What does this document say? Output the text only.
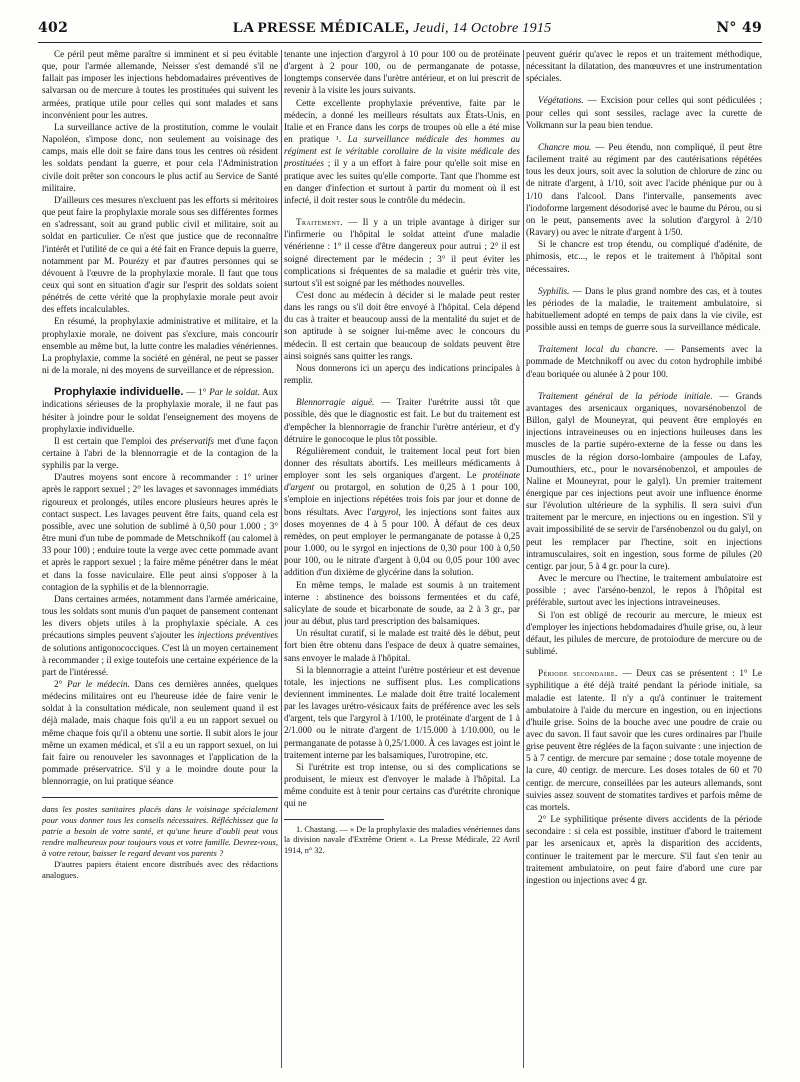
402	LA PRESSE MÉDICALE, Jeudi, 14 Octobre 1915	N° 49

Ce péril peut même paraître si imminent et si peu évitable que, pour l'armée allemande, Neisser s'est demandé s'il ne fallait pas imposer les injections hebdomadaires préventives de salvarsan ou de mercure à toutes les prostituées qui suivent les armées, pratique utile pour celles qui sont malades et sans inconvénient pour les autres.

La surveillance active de la prostitution, comme le voulait Napoléon, s'impose donc, non seulement au voisinage des camps, mais elle doit se faire dans tous les centres où résident les soldats pendant la guerre, et pour cela l'Administration civile doit prêter son concours le plus actif au Service de Santé militaire.

D'ailleurs ces mesures n'excluent pas les efforts si méritoires que peut faire la prophylaxie morale sous ses différentes formes en s'adressant, soit au grand public civil et militaire, soit au soldat en particulier. Ce n'est que justice que de reconnaître l'intérêt et l'utilité de ce qui a été fait en France depuis la guerre, notamment par M. Pourézy et par d'autres personnes qui se dévouent à l'œuvre de la prophylaxie morale. Il faut que tous ceux qui sont en situation d'agir sur l'esprit des soldats soient pénétrés de cette vérité que la prophylaxie morale peut avoir des effets incalculables.

En résumé, la prophylaxie administrative et militaire, et la prophylaxie morale, ne doivent pas s'exclure, mais concourir ensemble au même but, la lutte contre les maladies vénériennes. La prophylaxie, comme la société en général, ne peut se passer ni de la morale, ni des moyens de surveillance et de répression.

Prophylaxie individuelle. — 1° Par le soldat. Aux indications sérieuses de la prophylaxie morale, il ne faut pas hésiter à joindre pour le soldat l'enseignement des moyens de prophylaxie individuelle.

Il est certain que l'emploi des préservatifs met d'une façon certaine à l'abri de la blennorragie et de la contagion de la syphilis par la verge.

D'autres moyens sont encore à recommander : 1° uriner après le rapport sexuel ; 2° les lavages et savonnages immédiats rigoureux et prolongés, utiles encore plusieurs heures après le contact suspect. Les lavages peuvent être faits, quand cela est possible, avec une solution de sublimé à 0,50 pour 1.000 ; 3° être muni d'un tube de pommade de Metschnikoff (au calomel à 33 pour 100) ; enduire toute la verge avec cette pommade avant et après le rapport sexuel ; la faire même pénétrer dans le méat et dans la fosse naviculaire. Elle peut ainsi s'opposer à la contagion de la syphilis et de la blennorragie.

Dans certaines armées, notamment dans l'armée américaine, tous les soldats sont munis d'un paquet de pansement contenant les divers objets utiles à la prophylaxie spéciale. A ces précautions simples peuvent s'ajouter les injections préventives de solutions antigonococciques. C'est là un moyen certainement à recommander ; il exige toutefois une certaine expérience de la part de l'intéressé.

2° Par le médecin. Dans ces dernières années, quelques médecins militaires ont eu l'heureuse idée de faire venir le soldat à la consultation médicale, non seulement quand il est déjà malade, mais chaque fois qu'il a eu un rapport sexuel ou même chaque fois qu'il a obtenu une sortie. Il subit alors le jour même un examen médical, et s'il a eu un rapport sexuel, on lui fait faire ou renouveler les savonnages et l'application de la pommade préservatrice. S'il y a le moindre doute pour la blennorragie, on lui pratique séance

dans les postes sanitaires placés dans le voisinage spécialement pour vous donner tous les conseils nécessaires. Réfléchissez que la patrie a besoin de votre santé, et qu'une heure d'oubli peut vous rendre malheureux pour toujours vous et votre famille. Devrez-vous, à votre retour, baisser le regard devant vos parents ?

D'autres papiers étaient encore distribués avec des rédactions analogues.

tenante une injection d'argyrol à 10 pour 100 ou de protéinate d'argent à 2 pour 100, ou de permanganate de potasse, longtemps conservée dans l'urètre antérieur, et on lui prescrit de revenir à la visite les jours suivants.

Cette excellente prophylaxie préventive, faite par le médecin, a donné les meilleurs résultats aux États-Unis, en Italie et en France dans les corps de troupes où elle a été mise en pratique ¹. La surveillance médicale des hommes au régiment est le véritable corollaire de la visite médicale des prostituées ; il y a un effort à faire pour qu'elle soit mise en pratique avec les suites qu'elle comporte. Tant que l'homme est en danger d'infection et surtout à partir du moment où il est infecté, il doit rester sous le contrôle du médecin.

Traitement. — Il y a un triple avantage à diriger sur l'infirmerie ou l'hôpital le soldat atteint d'une maladie vénérienne : 1° il cesse d'être dangereux pour autrui ; 2° il est soigné directement par le médecin ; 3° il peut éviter les complications si fréquentes de sa maladie et guérir très vite, surtout s'il est soigné par les méthodes nouvelles.

C'est donc au médecin à décider si le malade peut rester dans les rangs ou s'il doit être envoyé à l'hôpital. Cela dépend du cas à traiter et beaucoup aussi de la mentalité du sujet et de son aptitude à se soigner lui-même avec le concours du médecin. Il est certain que beaucoup de soldats peuvent être ainsi soignés sans quitter les rangs.

Nous donnerons ici un aperçu des indications principales à remplir.

Blennorragie aiguë. — Traiter l'urétrite aussi tôt que possible, dès que le diagnostic est fait. Le but du traitement est d'empêcher la blennorragie de franchir l'urètre antérieur, et d'y détruire le gonocoque le plus tôt possible.

Régulièrement conduit, le traitement local peut fort bien donner des résultats abortifs. Les meilleurs médicaments à employer sont les sels organiques d'argent. Le protéinate d'argent ou protargol, en solution de 0,25 à 1 pour 100, s'emploie en injections répétées trois fois par jour et donne de bons résultats. Avec l'argyrol, les injections sont faites aux doses moyennes de 4 à 5 pour 100. À défaut de ces deux remèdes, on peut employer le permanganate de potasse à 0,25 pour 1.000, ou le syrgol en injections de 0,30 pour 100 à 0,50 pour 100, ou le nitrate d'argent à 0,04 ou 0,05 pour 100 avec addition d'un dixième de glycérine dans la solution.

En même temps, le malade est soumis à un traitement interne : abstinence des boissons fermentées et du café, salicylate de soude et bicarbonate de soude, aa 2 à 3 gr., par jour au début, plus tard prescription des balsamiques.

Un résultat curatif, si le malade est traité dès le début, peut fort bien être obtenu dans l'espace de deux à quatre semaines, sans envoyer le malade à l'hôpital.

Si la blennorragie a atteint l'urètre postérieur et est devenue totale, les injections ne suffisent plus. Les complications deviennent imminentes. Le malade doit être traité localement par les lavages urétro-vésicaux faits de préférence avec les sels d'argent, tels que l'argyrol à 1/100, le protéinate d'argent de 1 à 2/1.000 ou le nitrate d'argent de 1/15.000 à 1/10.000, ou le permanganate de potasse à 0,25/1.000. À ces lavages est joint le traitement interne par les balsamiques, l'urotropine, etc.

Si l'urétrite est trop intense, ou si des complications se produisent, le mieux est d'envoyer le malade à l'hôpital. La même conduite est à tenir pour certains cas d'urétrite chronique qui ne

1. Chastang. — « De la prophylaxie des maladies vénériennes dans la division navale d'Extrême Orient ». La Presse Médicale, 22 Avril 1914, n° 32.

peuvent guérir qu'avec le repos et un traitement méthodique, nécessitant la dilatation, des manœuvres et une instrumentation spéciales.

Végétations. — Excision pour celles qui sont pédiculées ; pour celles qui sont sessiles, raclage avec la curette de Volkmann sur la peau bien tendue.

Chancre mou. — Peu étendu, non compliqué, il peut être facilement traité au régiment par des cautérisations répétées tous les deux jours, soit avec la solution de chlorure de zinc ou de nitrate d'argent, à 1/10, soit avec l'acide phénique pur ou à 1/10 dans l'alcool. Dans l'intervalle, pansements avec l'iodoforme largement désodorisé avec le baume du Pérou, ou si on le peut, pansements avec la solution d'argyrol à 2/10 (Ravary) ou avec le nitrate d'argent à 1/50.

Si le chancre est trop étendu, ou compliqué d'adénite, de phimosis, etc..., le repos et le traitement à l'hôpital sont nécessaires.

Syphilis. — Dans le plus grand nombre des cas, et à toutes les périodes de la maladie, le traitement ambulatoire, si habituellement adopté en temps de paix dans la vie civile, est possible aussi en temps de guerre sous la surveillance médicale.

Traitement local du chancre. — Pansements avec la pommade de Metchnikoff ou avec du coton hydrophile imbibé d'eau boriquée ou alunée à 2 pour 100.

Traitement général de la période initiale. — Grands avantages des arsenicaux organiques, novarsénobenzol de Billon, galyl de Mouneyrat, qui peuvent être employés en injections intraveineuses ou en injections huileuses dans les muscles de la partie supéro-externe de la fesse ou dans les muscles de la région dorso-lombaire (ampoules de Lafay, Dumouthiers, etc., pour le novarsénobenzol, et ampoules de Naline et Mouneyrat, pour le galyl). Un premier traitement énergique par ces injections peut avoir une influence énorme sur l'évolution ultérieure de la syphilis. Il sera suivi d'un traitement par le mercure, en injections ou en ingestion. S'il y avait impossibilité de se servir de l'arsénobenzol ou du galyl, on peut les remplacer par l'hectine, soit en injections intramusculaires, soit en ingestion, sous forme de pilules (20 centigr. par jour, 5 à 4 gr. pour la cure).

Avec le mercure ou l'hectine, le traitement ambulatoire est possible ; avec l'arséno-benzol, le repos à l'hôpital est préférable, surtout avec les injections intraveineuses.

Si l'on est obligé de recourir au mercure, le mieux est d'employer les injections hebdomadaires d'huile grise, ou, à leur défaut, les pilules de mercure, de protoiodure de mercure ou de sublimé.

Période secondaire. — Deux cas se présentent : 1° Le syphilitique a été déjà traité pendant la période initiale, sa maladie est latente. Il n'y a qu'à continuer le traitement ambulatoire à l'aide du mercure en ingestion, ou en injections d'huile grise. Soins de la bouche avec une poudre de craie ou avec du savon. Il faut savoir que les cures ordinaires par l'huile grise peuvent être réglées de la façon suivante : une injection de 5 à 7 centigr. de mercure par semaine ; dose totale moyenne de la cure, 40 centigr. de mercure. Les doses totales de 60 et 70 centigr. de mercure, conseillées par les auteurs allemands, sont suivies assez souvent de stomatites tardives et parfois même de cas mortels.

2° Le syphilitique présente divers accidents de la période secondaire : si cela est possible, instituer d'abord le traitement par les arsenicaux et, après la disparition des accidents, continuer le traitement par le mercure. S'il faut s'en tenir au traitement ambulatoire, on peut faire d'abord une cure par ingestion ou injections avec 4 gr.
